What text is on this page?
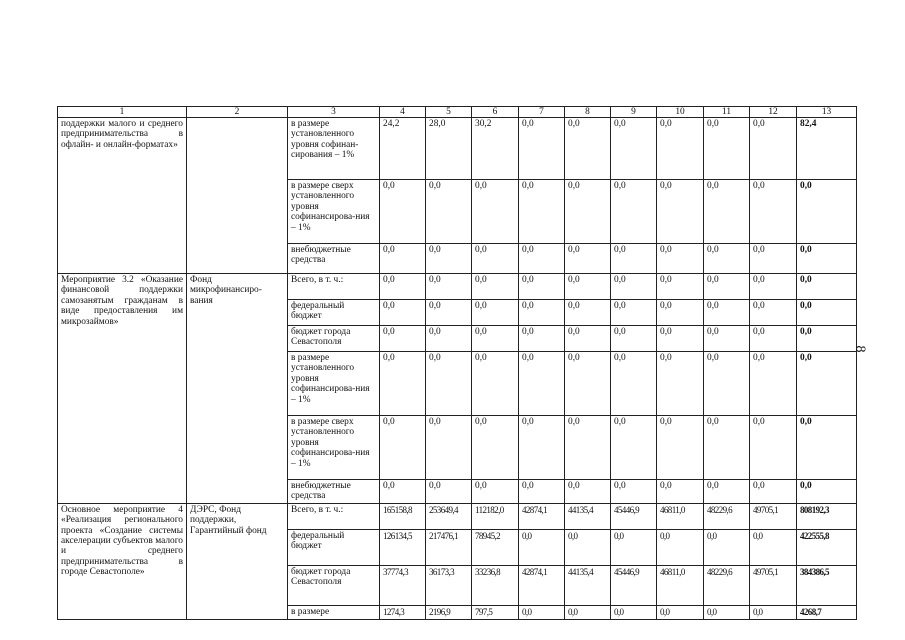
1	2	3	4	5	6	7	8	9	10	11	12	13
поддержки малого и среднего предпринимательства в офлайн- и онлайн-форматах»		в размере установленного уровня софинан-сирования – 1%	24,2	28,0	30,2	0,0	0,0	0,0	0,0	0,0	0,0	82,4
		в размере сверх установленного уровня софинансирова-ния – 1%	0,0	0,0	0,0	0,0	0,0	0,0	0,0	0,0	0,0	0,0
		внебюджетные средства	0,0	0,0	0,0	0,0	0,0	0,0	0,0	0,0	0,0	0,0
Мероприятие 3.2 «Оказание финансовой поддержки самозанятым гражданам в виде предоставления им микрозаймов»	Фонд микрофинансиро-вания	Всего, в т. ч.:	0,0	0,0	0,0	0,0	0,0	0,0	0,0	0,0	0,0	0,0
		федеральный бюджет	0,0	0,0	0,0	0,0	0,0	0,0	0,0	0,0	0,0	0,0
		бюджет города Севастополя	0,0	0,0	0,0	0,0	0,0	0,0	0,0	0,0	0,0	0,0
		в размере установленного уровня софинансирова-ния – 1%	0,0	0,0	0,0	0,0	0,0	0,0	0,0	0,0	0,0	0,0
		в размере сверх установленного уровня софинансирова-ния – 1%	0,0	0,0	0,0	0,0	0,0	0,0	0,0	0,0	0,0	0,0
		внебюджетные средства	0,0	0,0	0,0	0,0	0,0	0,0	0,0	0,0	0,0	0,0
Основное мероприятие 4 «Реализация регионального проекта «Создание системы акселерации субъектов малого и среднего предпринимательства в городе Севастополе»	ДЭРС, Фонд поддержки, Гарантийный фонд	Всего, в т. ч.:	165158,8	253649,4	112182,0	42874,1	44135,4	45446,9	46811,0	48229,6	49705,1	808192,3
		федеральный бюджет	126134,5	217476,1	78945,2	0,0	0,0	0,0	0,0	0,0	0,0	422555,8
		бюджет города Севастополя	37774,3	36173,3	33236,8	42874,1	44135,4	45446,9	46811,0	48229,6	49705,1	384386,5
		в размере	1274,3	2196,9	797,5	0,0	0,0	0,0	0,0	0,0	0,0	4268,7
8
